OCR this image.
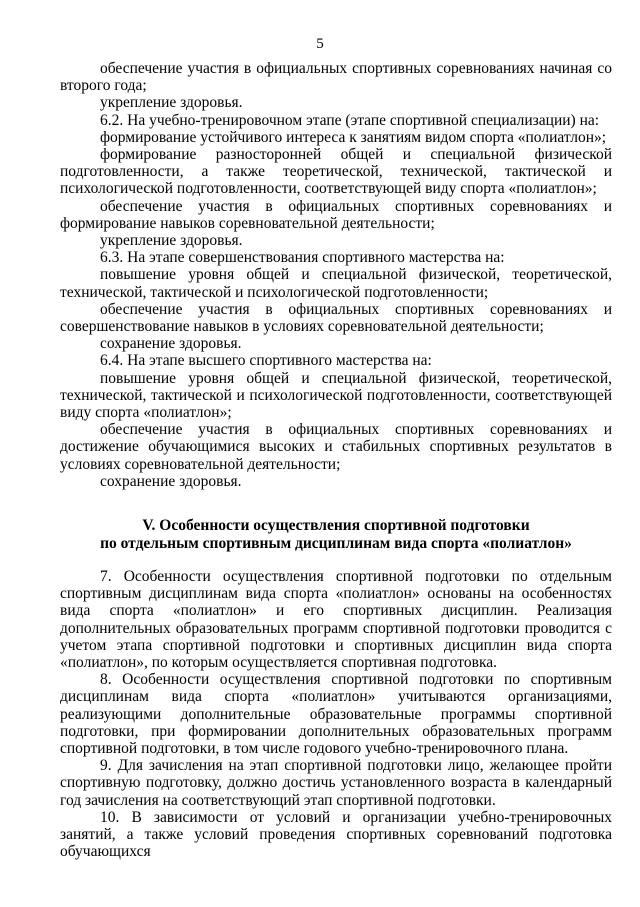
5

обеспечение участия в официальных спортивных соревнованиях начиная со второго года;

укрепление здоровья.

6.2. На учебно-тренировочном этапе (этапе спортивной специализации) на:

формирование устойчивого интереса к занятиям видом спорта «полиатлон»;

формирование разносторонней общей и специальной физической подготовленности, а также теоретической, технической, тактической и психологической подготовленности, соответствующей виду спорта «полиатлон»;

обеспечение участия в официальных спортивных соревнованиях и формирование навыков соревновательной деятельности;

укрепление здоровья.

6.3. На этапе совершенствования спортивного мастерства на:

повышение уровня общей и специальной физической, теоретической, технической, тактической и психологической подготовленности;

обеспечение участия в официальных спортивных соревнованиях и совершенствование навыков в условиях соревновательной деятельности;

сохранение здоровья.

6.4. На этапе высшего спортивного мастерства на:

повышение уровня общей и специальной физической, теоретической, технической, тактической и психологической подготовленности, соответствующей виду спорта «полиатлон»;

обеспечение участия в официальных спортивных соревнованиях и достижение обучающимися высоких и стабильных спортивных результатов в условиях соревновательной деятельности;

сохранение здоровья.

V. Особенности осуществления спортивной подготовки
по отдельным спортивным дисциплинам вида спорта «полиатлон»

7. Особенности осуществления спортивной подготовки по отдельным спортивным дисциплинам вида спорта «полиатлон» основаны на особенностях вида спорта «полиатлон» и его спортивных дисциплин. Реализация дополнительных образовательных программ спортивной подготовки проводится с учетом этапа спортивной подготовки и спортивных дисциплин вида спорта «полиатлон», по которым осуществляется спортивная подготовка.

8. Особенности осуществления спортивной подготовки по спортивным дисциплинам вида спорта «полиатлон» учитываются организациями, реализующими дополнительные образовательные программы спортивной подготовки, при формировании дополнительных образовательных программ спортивной подготовки, в том числе годового учебно-тренировочного плана.

9. Для зачисления на этап спортивной подготовки лицо, желающее пройти спортивную подготовку, должно достичь установленного возраста в календарный год зачисления на соответствующий этап спортивной подготовки.

10. В зависимости от условий и организации учебно-тренировочных занятий, а также условий проведения спортивных соревнований подготовка обучающихся
